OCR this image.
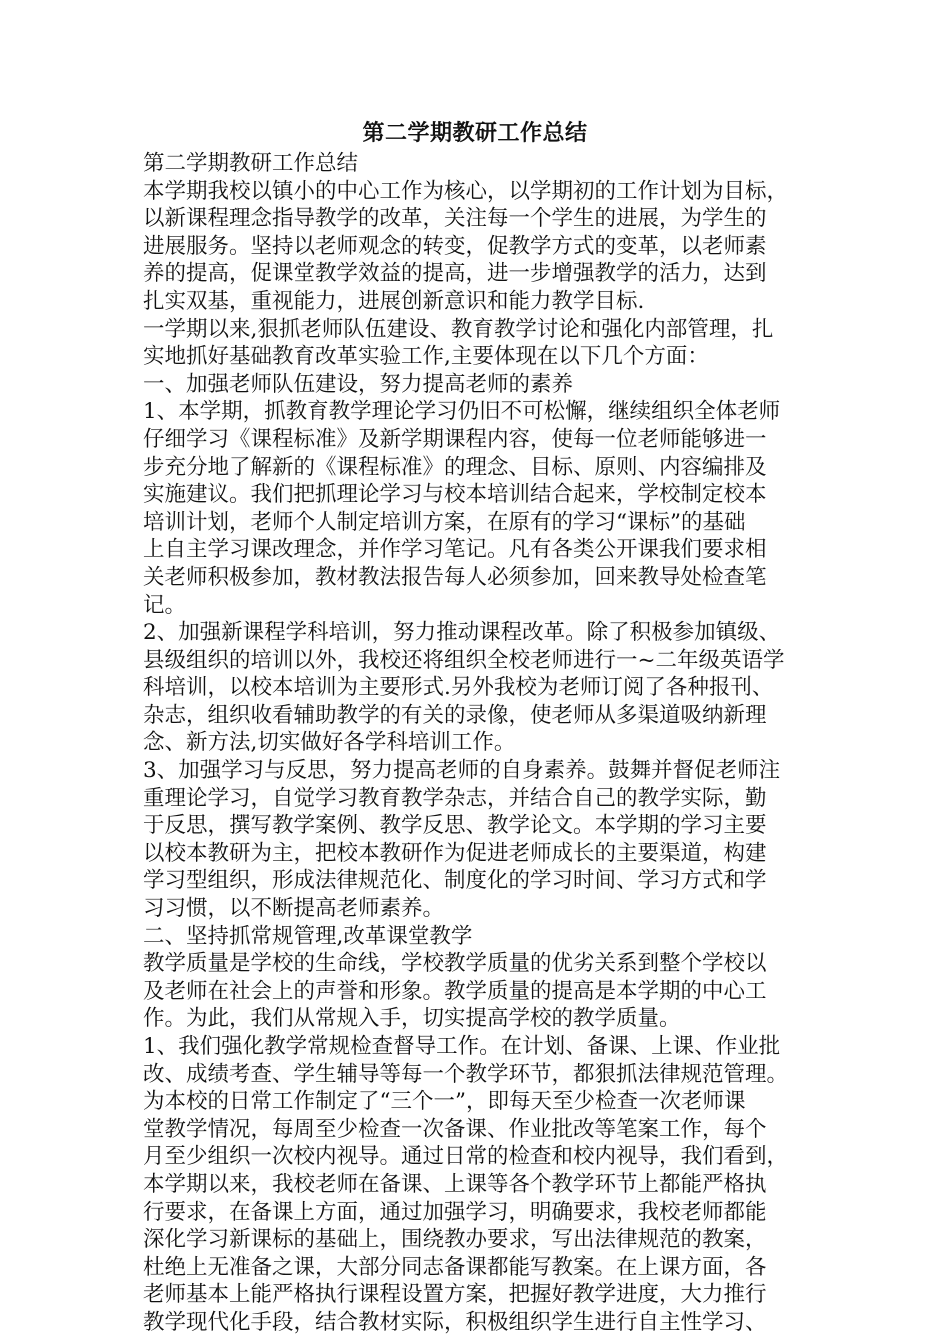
第二学期教研工作总结
第二学期教研工作总结
本学期我校以镇小的中心工作为核心，以学期初的工作计划为目标，
以新课程理念指导教学的改革，关注每一个学生的进展，为学生的
进展服务。坚持以老师观念的转变，促教学方式的变革，以老师素
养的提高，促课堂教学效益的提高，进一步增强教学的活力，达到
扎实双基，重视能力，进展创新意识和能力教学目标.
一学期以来,狠抓老师队伍建设、教育教学讨论和强化内部管理，扎
实地抓好基础教育改革实验工作,主要体现在以下几个方面：
一、加强老师队伍建设，努力提高老师的素养
1、本学期，抓教育教学理论学习仍旧不可松懈，继续组织全体老师
仔细学习《课程标准》及新学期课程内容，使每一位老师能够进一
步充分地了解新的《课程标准》的理念、目标、原则、内容编排及
实施建议。我们把抓理论学习与校本培训结合起来，学校制定校本
培训计划，老师个人制定培训方案，在原有的学习“课标”的基础
上自主学习课改理念，并作学习笔记。凡有各类公开课我们要求相
关老师积极参加，教材教法报告每人必须参加，回来教导处检查笔
记。
2、加强新课程学科培训，努力推动课程改革。除了积极参加镇级、
县级组织的培训以外，我校还将组织全校老师进行一~二年级英语学
科培训，以校本培训为主要形式.另外我校为老师订阅了各种报刊、
杂志，组织收看辅助教学的有关的录像，使老师从多渠道吸纳新理
念、新方法,切实做好各学科培训工作。
3、加强学习与反思，努力提高老师的自身素养。鼓舞并督促老师注
重理论学习，自觉学习教育教学杂志，并结合自己的教学实际，勤
于反思，撰写教学案例、教学反思、教学论文。本学期的学习主要
以校本教研为主，把校本教研作为促进老师成长的主要渠道，构建
学习型组织，形成法律规范化、制度化的学习时间、学习方式和学
习习惯，以不断提高老师素养。
二、坚持抓常规管理,改革课堂教学
教学质量是学校的生命线，学校教学质量的优劣关系到整个学校以
及老师在社会上的声誉和形象。教学质量的提高是本学期的中心工
作。为此，我们从常规入手，切实提高学校的教学质量。
1、我们强化教学常规检查督导工作。在计划、备课、上课、作业批
改、成绩考查、学生辅导等每一个教学环节，都狠抓法律规范管理。
为本校的日常工作制定了“三个一”，即每天至少检查一次老师课
堂教学情况，每周至少检查一次备课、作业批改等笔案工作，每个
月至少组织一次校内视导。通过日常的检查和校内视导，我们看到，
本学期以来，我校老师在备课、上课等各个教学环节上都能严格执
行要求，在备课上方面，通过加强学习，明确要求，我校老师都能
深化学习新课标的基础上，围绕教办要求，写出法律规范的教案，
杜绝上无准备之课，大部分同志备课都能写教案。在上课方面，各
老师基本上能严格执行课程设置方案，把握好教学进度，大力推行
教学现代化手段，结合教材实际，积极组织学生进行自主性学习、
